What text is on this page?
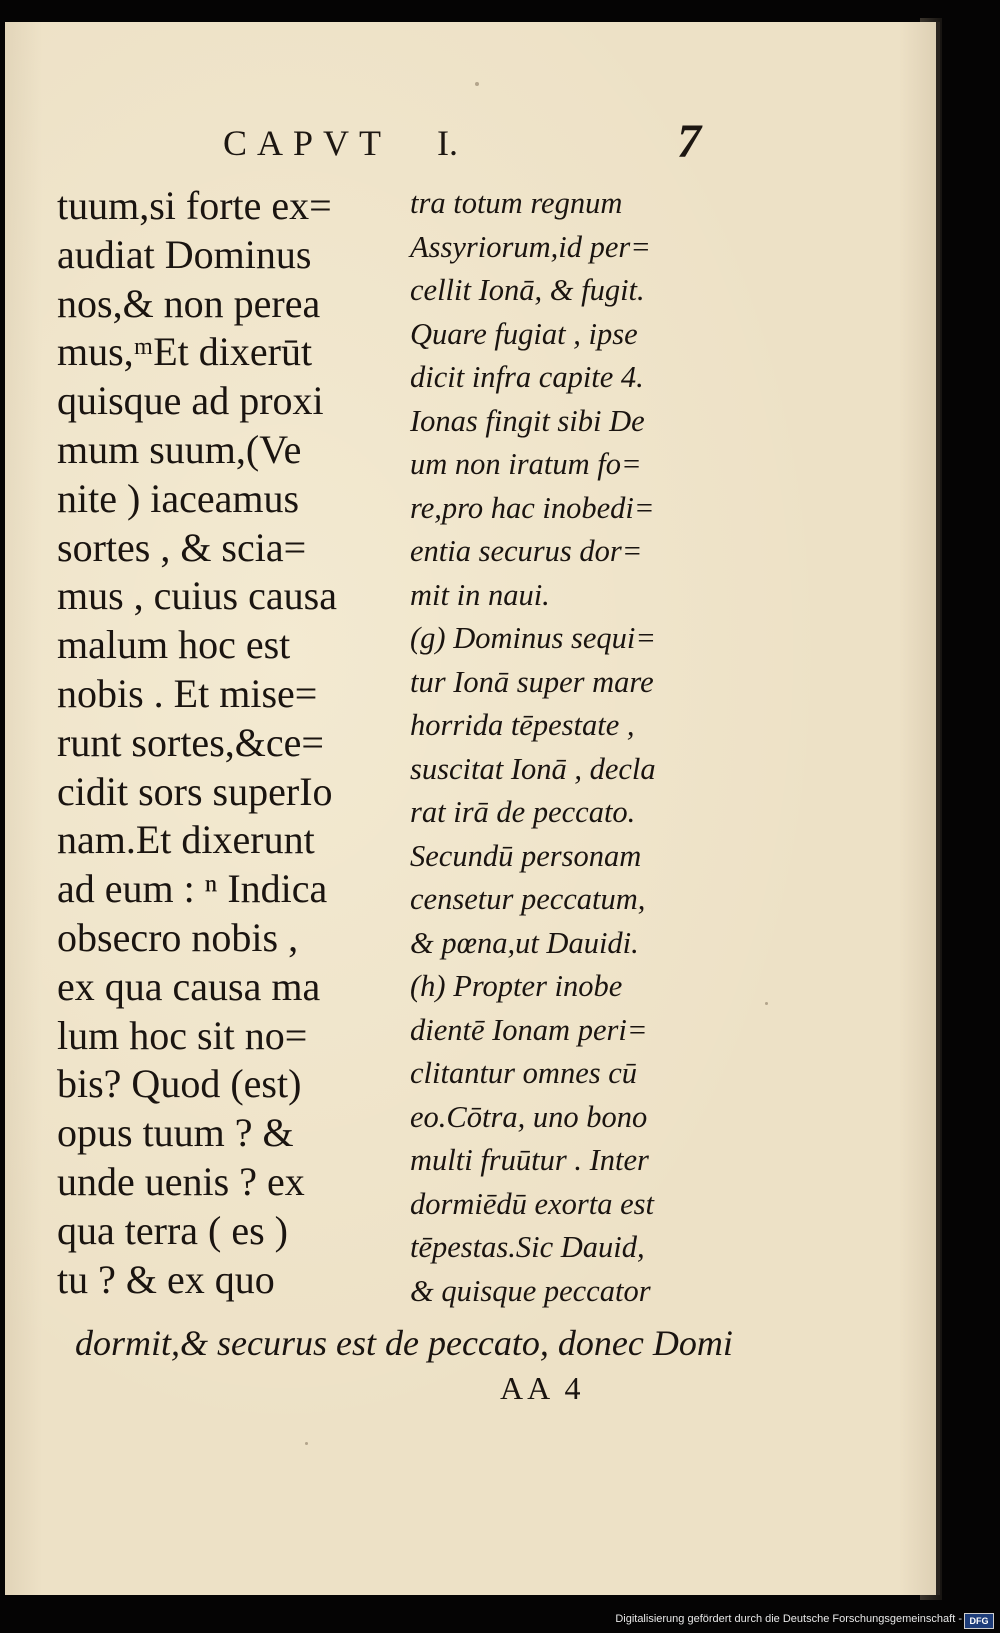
CAPVT I.	7
tuum,si forte ex=
audiat Dominus
nos,& non perea
mus,ᵐEt dixerūt
quisque ad proxi
mum suum,(Ve
nite ) iaceamus
sortes , & scia=
mus , cuius causa
malum hoc est
nobis . Et mise=
runt sortes,&ce=
cidit sors superIo
nam.Et dixerunt
ad eum : ⁿ Indica
obsecro nobis ,
ex qua causa ma
lum hoc sit no=
bis? Quod (est)
opus tuum ? &
unde uenis ? ex
qua terra ( es )
tu ? & ex quo
tra totum regnum
Assyriorum,id per=
cellit Ionā, & fugit.
Quare fugiat , ipse
dicit infra capite 4.
Ionas fingit sibi De
um non iratum fo=
re,pro hac inobedi=
entia securus dor=
mit in naui.
(g) Dominus sequi=
tur Ionā super mare
horrida tēpestate ,
suscitat Ionā , decla
rat irā de peccato.
Secundū personam
censetur peccatum,
& pœna,ut Dauidi.
(h) Propter inobe
dientē Ionam peri=
clitantur omnes cū
eo.Cōtra, uno bono
multi fruūtur . Inter
dormiēdū exorta est
tēpestas.Sic Dauid,
& quisque peccator
dormit,& securus est de peccato, donec Domi
AA 4
Digitalisierung gefördert durch die Deutsche Forschungsgemeinschaft - DFG
